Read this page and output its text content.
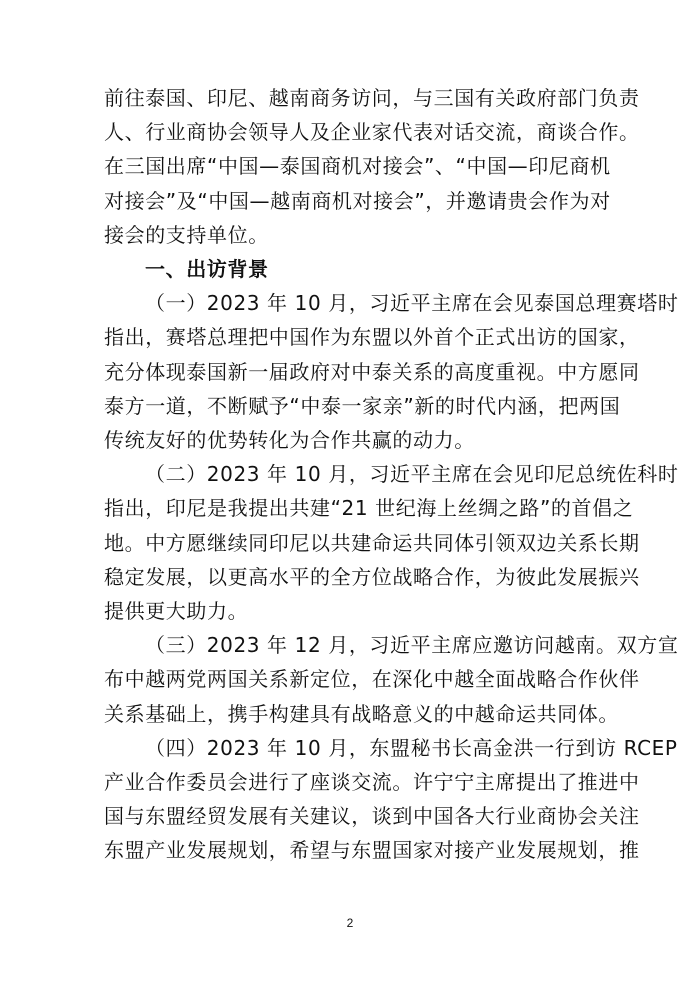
前往泰国、印尼、越南商务访问，与三国有关政府部门负责
人、行业商协会领导人及企业家代表对话交流，商谈合作。
在三国出席“中国—泰国商机对接会”、“中国—印尼商机
对接会”及“中国—越南商机对接会”，并邀请贵会作为对
接会的支持单位。
一、出访背景
（一）2023 年 10 月，习近平主席在会见泰国总理赛塔时
指出，赛塔总理把中国作为东盟以外首个正式出访的国家，
充分体现泰国新一届政府对中泰关系的高度重视。中方愿同
泰方一道，不断赋予“中泰一家亲”新的时代内涵，把两国
传统友好的优势转化为合作共赢的动力。
（二）2023 年 10 月，习近平主席在会见印尼总统佐科时
指出，印尼是我提出共建“21 世纪海上丝绸之路”的首倡之
地。中方愿继续同印尼以共建命运共同体引领双边关系长期
稳定发展，以更高水平的全方位战略合作，为彼此发展振兴
提供更大助力。
（三）2023 年 12 月，习近平主席应邀访问越南。双方宣
布中越两党两国关系新定位，在深化中越全面战略合作伙伴
关系基础上，携手构建具有战略意义的中越命运共同体。
（四）2023 年 10 月，东盟秘书长高金洪一行到访 RCEP
产业合作委员会进行了座谈交流。许宁宁主席提出了推进中
国与东盟经贸发展有关建议，谈到中国各大行业商协会关注
东盟产业发展规划，希望与东盟国家对接产业发展规划，推
2
